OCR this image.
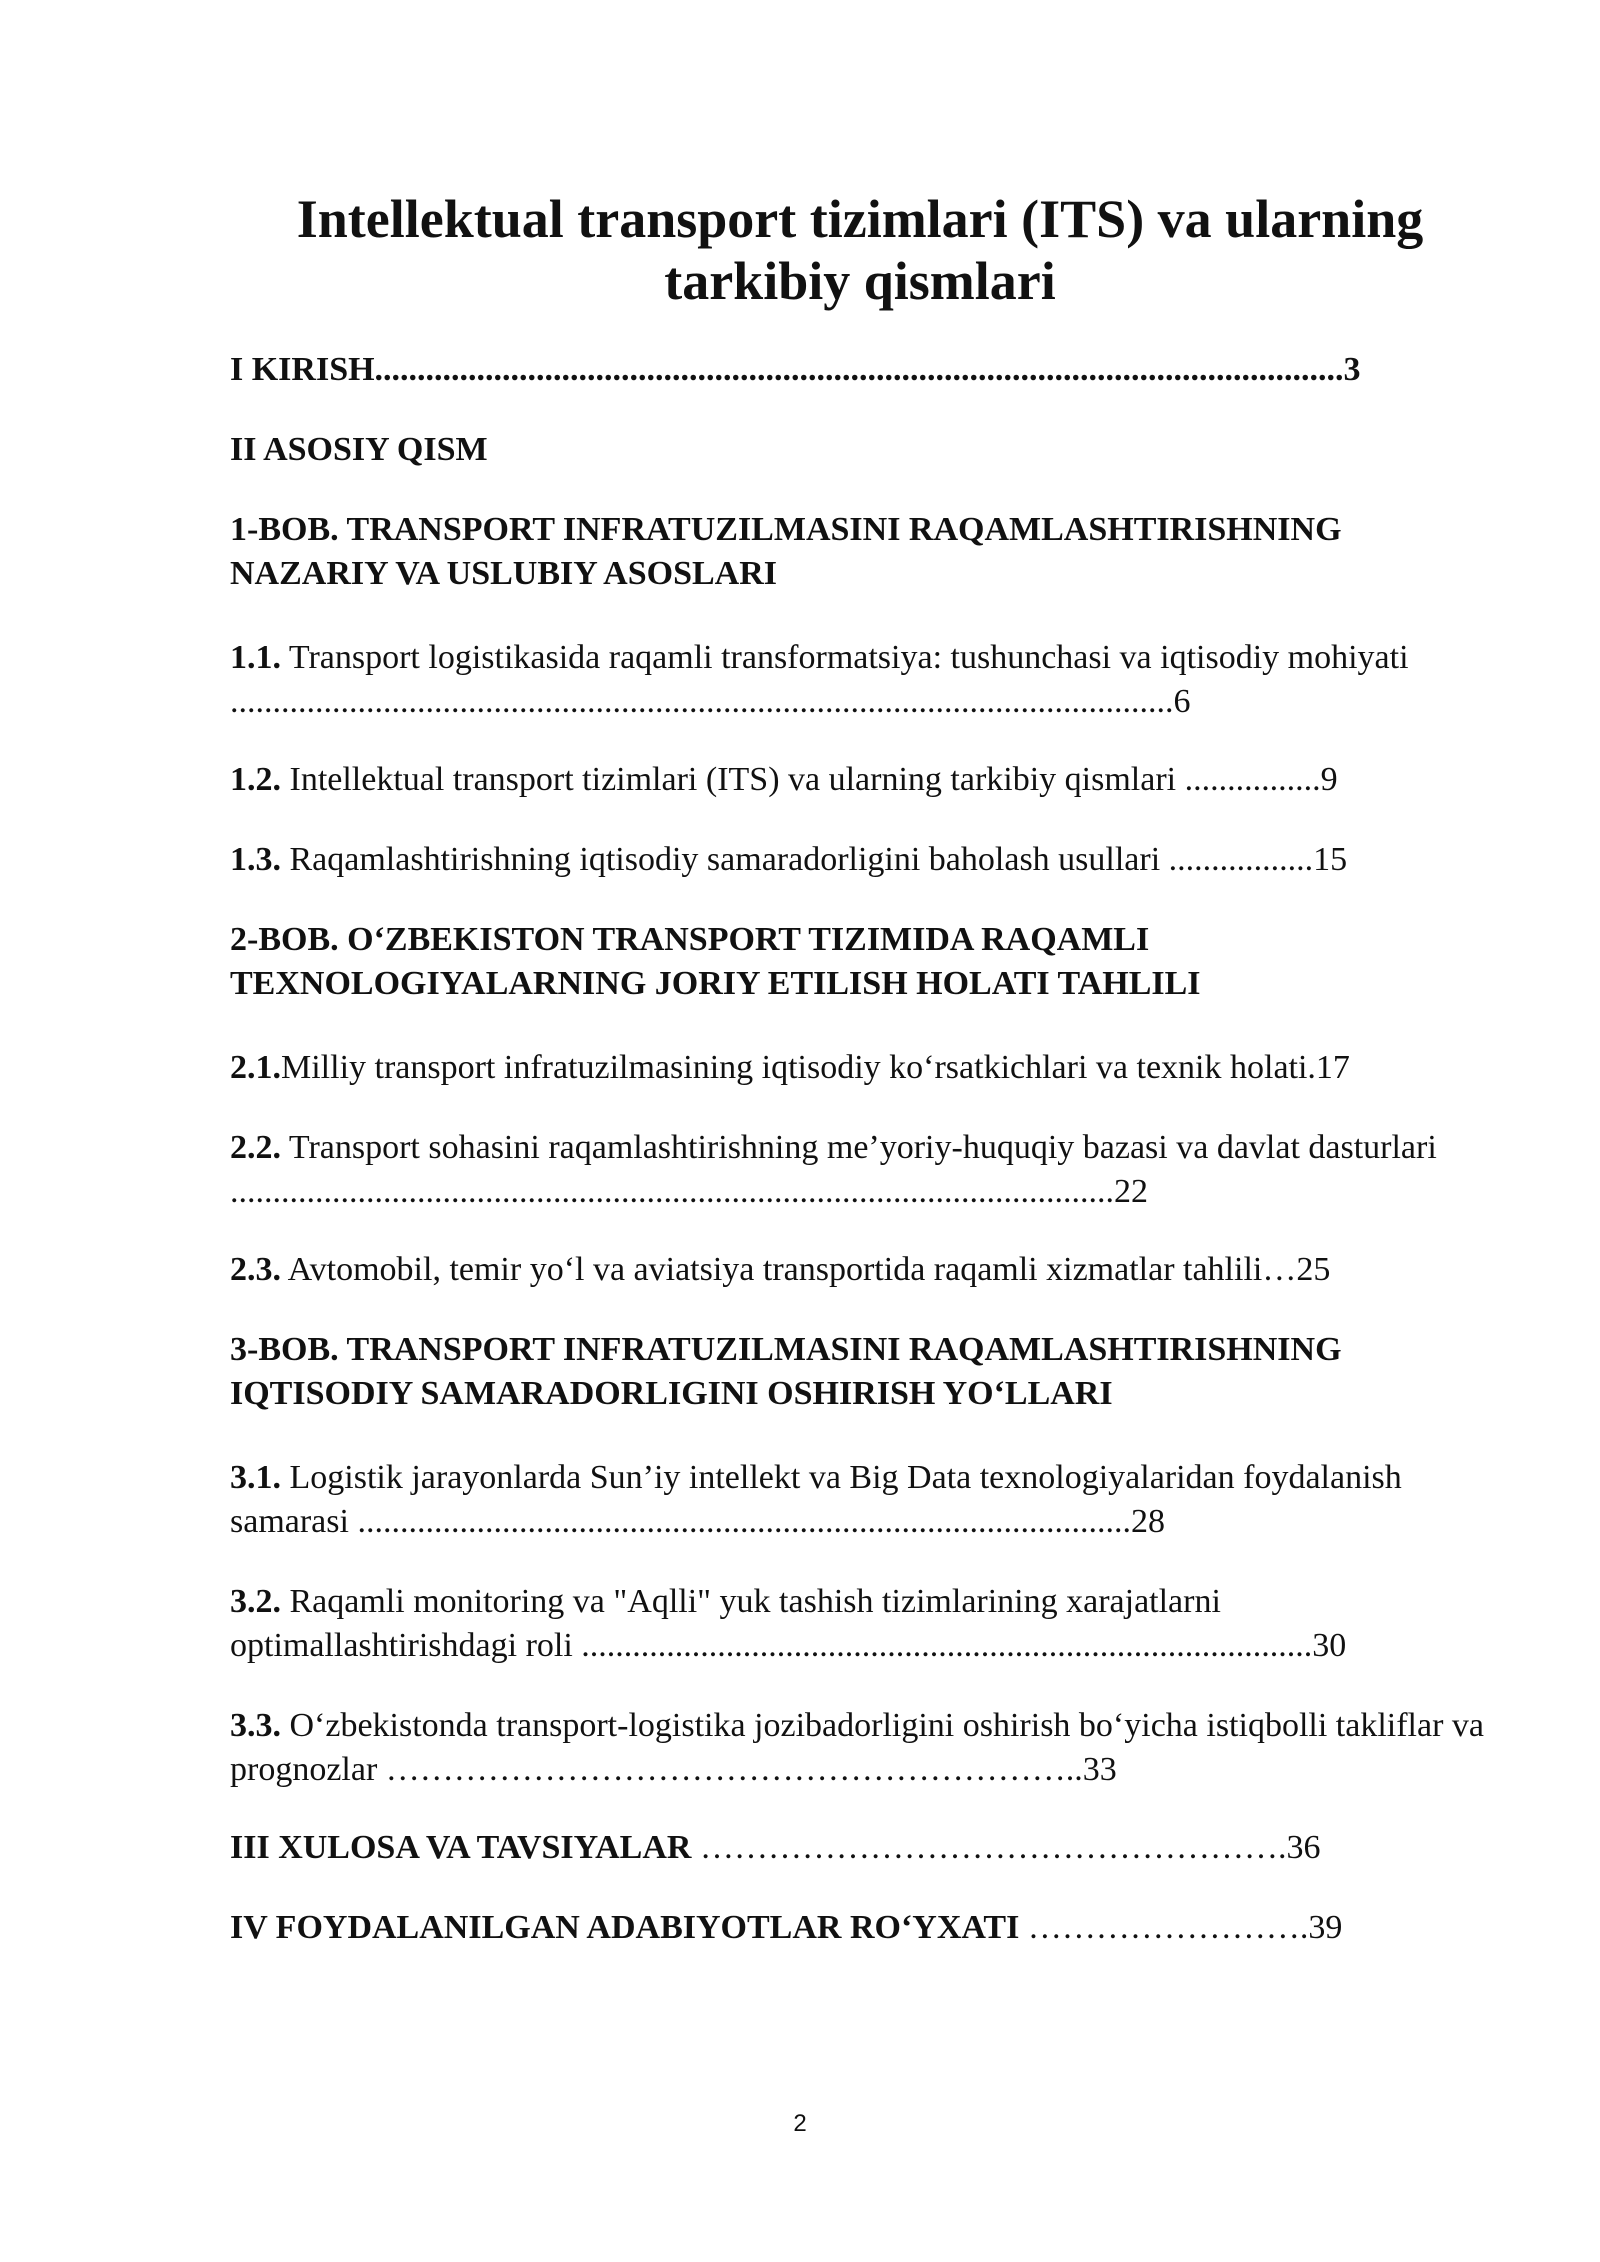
Intellektual transport tizimlari (ITS) va ularning tarkibiy qismlari

I KIRISH..................................................................................................................3

II ASOSIY QISM

1-BOB. TRANSPORT INFRATUZILMASINI RAQAMLASHTIRISHNING NAZARIY VA USLUBIY ASOSLARI

1.1. Transport logistikasida raqamli transformatsiya: tushunchasi va iqtisodiy mohiyati ...............................................................................................................6

1.2. Intellektual transport tizimlari (ITS) va ularning tarkibiy qismlari ................9

1.3. Raqamlashtirishning iqtisodiy samaradorligini baholash usullari .................15

2-BOB. O‘ZBEKISTON TRANSPORT TIZIMIDA RAQAMLI TEXNOLOGIYALARNING JORIY ETILISH HOLATI TAHLILI

2.1.Milliy transport infratuzilmasining iqtisodiy ko‘rsatkichlari va texnik holati.17

2.2. Transport sohasini raqamlashtirishning me’yoriy-huquqiy bazasi va davlat dasturlari ........................................................................................................22

2.3. Avtomobil, temir yo‘l va aviatsiya transportida raqamli xizmatlar tahlili…25

3-BOB. TRANSPORT INFRATUZILMASINI RAQAMLASHTIRISHNING IQTISODIY SAMARADORLIGINI OSHIRISH YO‘LLARI

3.1. Logistik jarayonlarda Sun’iy intellekt va Big Data texnologiyalaridan foydalanish samarasi ...........................................................................................28

3.2. Raqamli monitoring va "Aqlli" yuk tashish tizimlarining xarajatlarni optimallashtirishdagi roli ......................................................................................30

3.3. O‘zbekistonda transport-logistika jozibadorligini oshirish bo‘yicha istiqbolli takliflar va prognozlar ……………………………………………………..33

III XULOSA VA TAVSIYALAR …………………………………………….36

IV FOYDALANILGAN ADABIYOTLAR RO‘YXATI …………………….39

2
